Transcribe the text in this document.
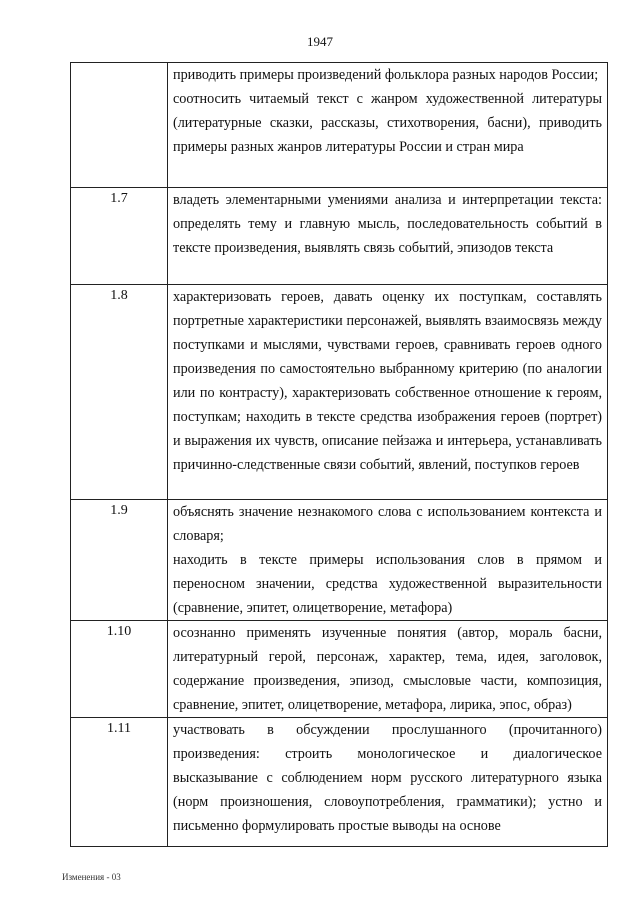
1947

	приводить примеры произведений фольклора разных народов России;

соотносить читаемый текст с жанром художественной литературы (литературные сказки, рассказы, стихотворения, басни), приводить примеры разных жанров литературы России и стран мира

1.7	владеть элементарными умениями анализа и интерпретации текста: определять тему и главную мысль, последовательность событий в тексте произведения, выявлять связь событий, эпизодов текста

1.8	характеризовать героев, давать оценку их поступкам, составлять портретные характеристики персонажей, выявлять взаимосвязь между поступками и мыслями, чувствами героев, сравнивать героев одного произведения по самостоятельно выбранному критерию (по аналогии или по контрасту), характеризовать собственное отношение к героям, поступкам; находить в тексте средства изображения героев (портрет) и выражения их чувств, описание пейзажа и интерьера, устанавливать причинно-следственные связи событий, явлений, поступков героев

1.9	объяснять значение незнакомого слова с использованием контекста и словаря;

находить в тексте примеры использования слов в прямом и переносном значении, средства художественной выразительности (сравнение, эпитет, олицетворение, метафора)

1.10	осознанно применять изученные понятия (автор, мораль басни, литературный герой, персонаж, характер, тема, идея, заголовок, содержание произведения, эпизод, смысловые части, композиция, сравнение, эпитет, олицетворение, метафора, лирика, эпос, образ)

1.11	участвовать в обсуждении прослушанного (прочитанного) произведения: строить монологическое и диалогическое высказывание с соблюдением норм русского литературного языка (норм произношения, словоупотребления, грамматики); устно и письменно формулировать простые выводы на основе

Изменения - 03
